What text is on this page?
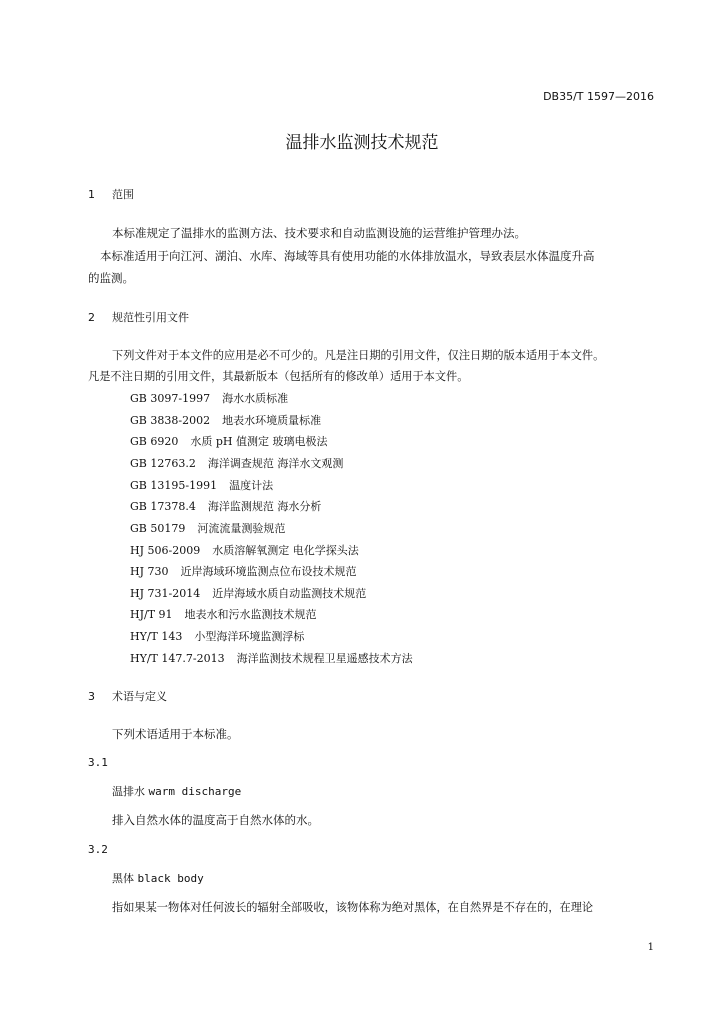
DB35/T 1597—2016
温排水监测技术规范
1 范围
本标准规定了温排水的监测方法、技术要求和自动监测设施的运营维护管理办法。
本标准适用于向江河、湖泊、水库、海域等具有使用功能的水体排放温水，导致表层水体温度升高
的监测。
2 规范性引用文件
下列文件对于本文件的应用是必不可少的。凡是注日期的引用文件，仅注日期的版本适用于本文件。
凡是不注日期的引用文件，其最新版本（包括所有的修改单）适用于本文件。
GB 3097-1997 海水水质标准
GB 3838-2002 地表水环境质量标准
GB 6920 水质 pH 值测定 玻璃电极法
GB 12763.2 海洋调查规范 海洋水文观测
GB 13195-1991 温度计法
GB 17378.4 海洋监测规范 海水分析
GB 50179 河流流量测验规范
HJ 506-2009 水质溶解氧测定 电化学探头法
HJ 730 近岸海域环境监测点位布设技术规范
HJ 731-2014 近岸海域水质自动监测技术规范
HJ/T 91 地表水和污水监测技术规范
HY/T 143 小型海洋环境监测浮标
HY/T 147.7-2013 海洋监测技术规程卫星遥感技术方法
3 术语与定义
下列术语适用于本标准。
3.1
温排水 warm discharge
排入自然水体的温度高于自然水体的水。
3.2
黑体 black body
指如果某一物体对任何波长的辐射全部吸收，该物体称为绝对黑体，在自然界是不存在的，在理论
1
